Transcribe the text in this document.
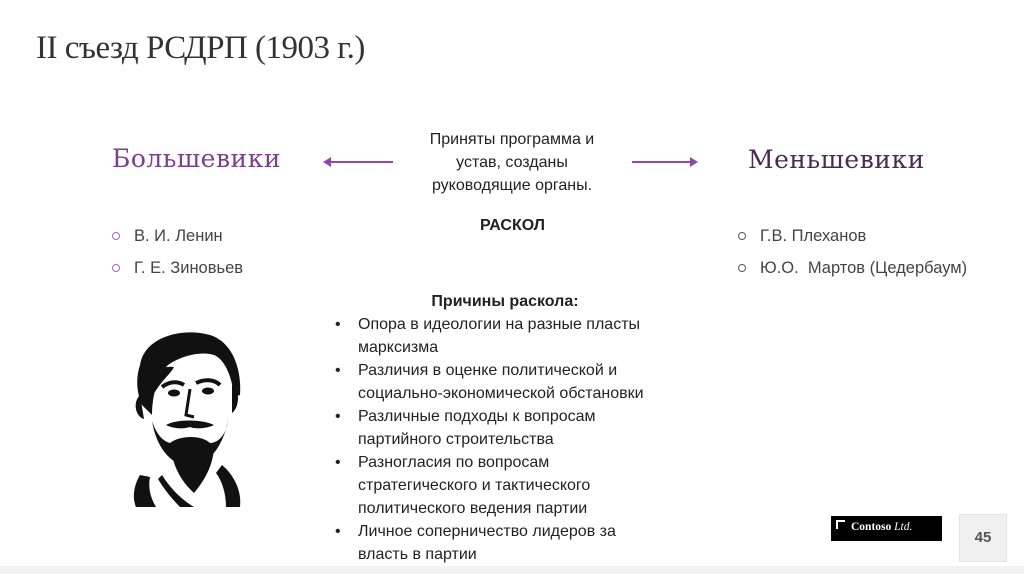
II съезд РСДРП (1903 г.)
Большевики	Меньшевики
Приняты программа и
устав, созданы
руководящие органы.
РАСКОЛ
В. И. Ленин
Г. Е. Зиновьев
Г.В. Плеханов
Ю.О.  Мартов (Цедербаум)
Причины раскола:
• Опора в идеологии на разные пласты
марксизма
• Различия в оценке политической и
социально-экономической обстановки
• Различные подходы к вопросам
партийного строительства
• Разногласия по вопросам
стратегического и тактического
политического ведения партии
• Личное соперничество лидеров за
власть в партии
Contoso Ltd.
45
